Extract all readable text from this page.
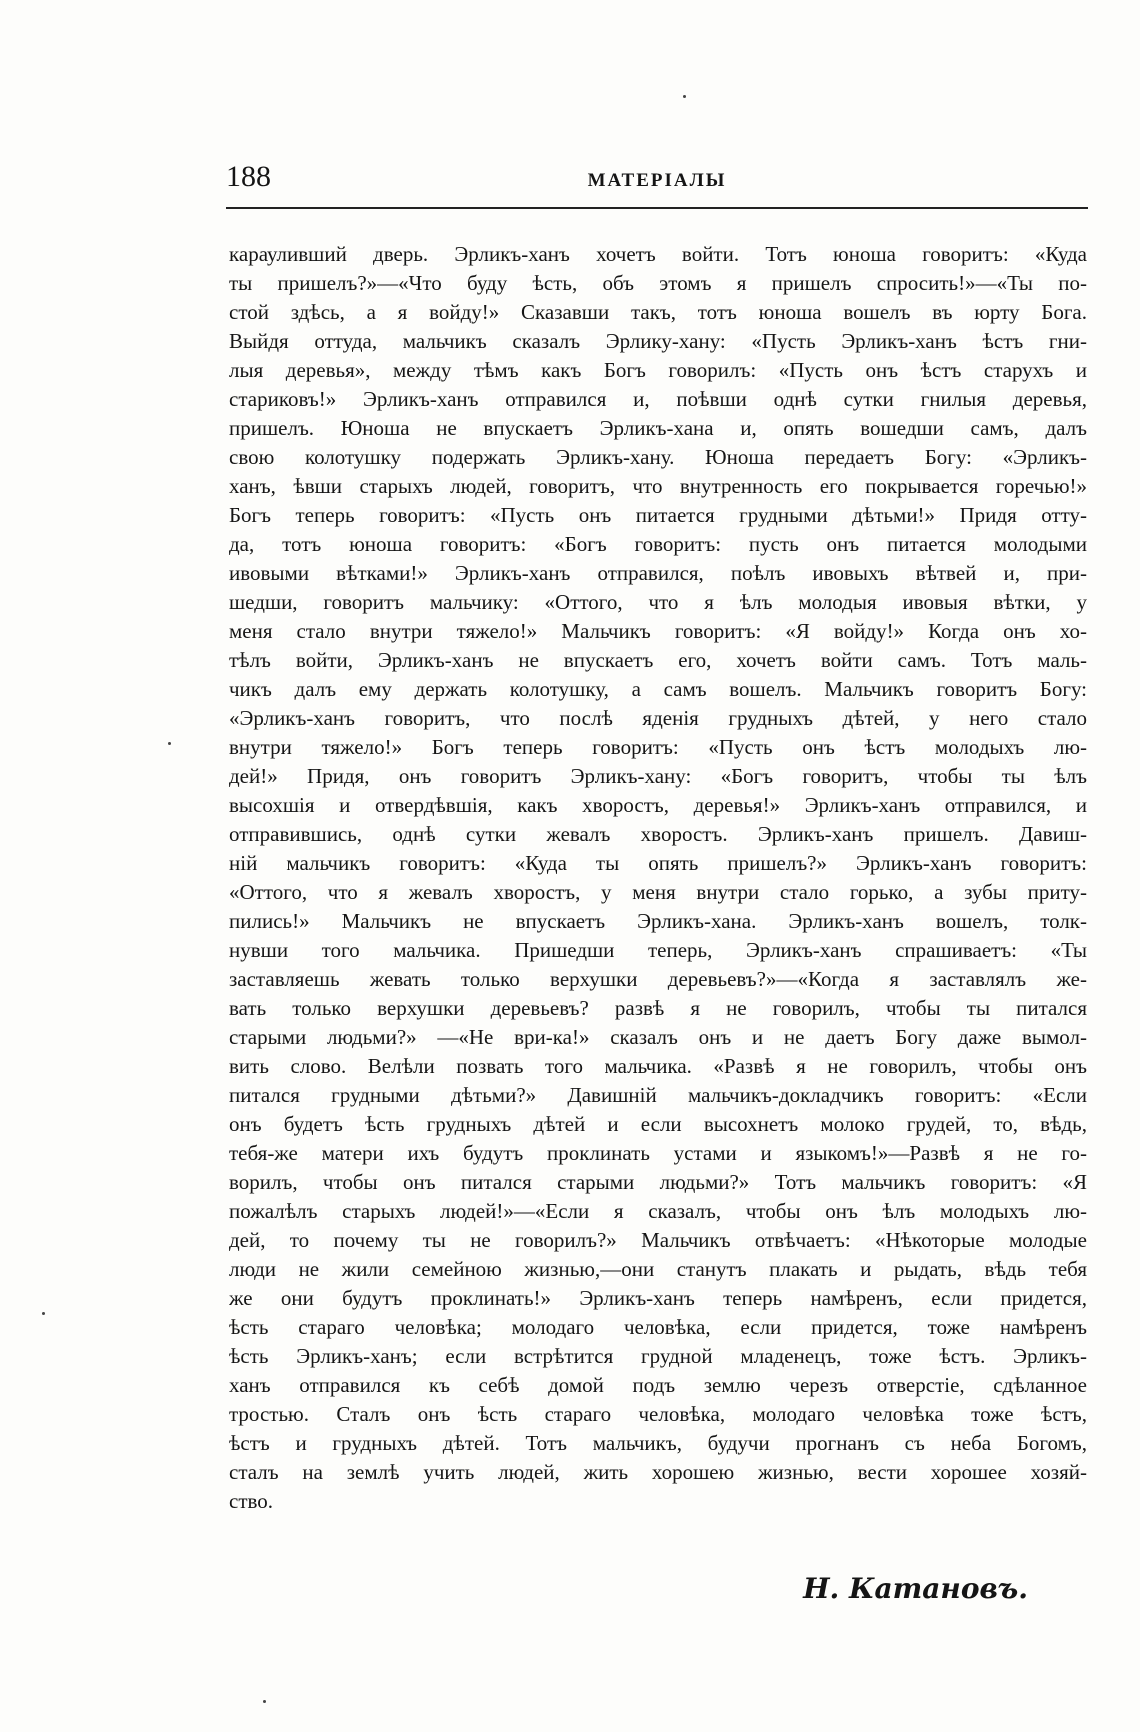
188	МАТЕРІАЛЫ
карауливший дверь. Эрликъ-ханъ хочетъ войти. Тотъ юноша говоритъ: «Куда
ты пришелъ?»—«Что буду ѣсть, объ этомъ я пришелъ спросить!»—«Ты по-
стой здѣсь, а я войду!» Сказавши такъ, тотъ юноша вошелъ въ юрту Бога.
Выйдя оттуда, мальчикъ сказалъ Эрлику-хану: «Пусть Эрликъ-ханъ ѣстъ гни-
лыя деревья», между тѣмъ какъ Богъ говорилъ: «Пусть онъ ѣстъ старухъ и
стариковъ!» Эрликъ-ханъ отправился и, поѣвши однѣ сутки гнилыя деревья,
пришелъ. Юноша не впускаетъ Эрликъ-хана и, опять вошедши самъ, далъ
свою колотушку подержать Эрликъ-хану. Юноша передаетъ Богу: «Эрликъ-
ханъ, ѣвши старыхъ людей, говоритъ, что внутренность его покрывается горечью!»
Богъ теперь говоритъ: «Пусть онъ питается грудными дѣтьми!» Придя отту-
да, тотъ юноша говоритъ: «Богъ говоритъ: пусть онъ питается молодыми
ивовыми вѣтками!» Эрликъ-ханъ отправился, поѣлъ ивовыхъ вѣтвей и, при-
шедши, говоритъ мальчику: «Оттого, что я ѣлъ молодыя ивовыя вѣтки, у
меня стало внутри тяжело!» Мальчикъ говоритъ: «Я войду!» Когда онъ хо-
тѣлъ войти, Эрликъ-ханъ не впускаетъ его, хочетъ войти самъ. Тотъ маль-
чикъ далъ ему держать колотушку, а самъ вошелъ. Мальчикъ говоритъ Богу:
«Эрликъ-ханъ говоритъ, что послѣ яденія грудныхъ дѣтей, у него стало
внутри тяжело!» Богъ теперь говоритъ: «Пусть онъ ѣстъ молодыхъ лю-
дей!» Придя, онъ говоритъ Эрликъ-хану: «Богъ говоритъ, чтобы ты ѣлъ
высохшія и отвердѣвшія, какъ хворостъ, деревья!» Эрликъ-ханъ отправился, и
отправившись, однѣ сутки жевалъ хворостъ. Эрликъ-ханъ пришелъ. Давиш-
ній мальчикъ говоритъ: «Куда ты опять пришелъ?» Эрликъ-ханъ говоритъ:
«Оттого, что я жевалъ хворостъ, у меня внутри стало горько, а зубы приту-
пились!» Мальчикъ не впускаетъ Эрликъ-хана. Эрликъ-ханъ вошелъ, толк-
нувши того мальчика. Пришедши теперь, Эрликъ-ханъ спрашиваетъ: «Ты
заставляешь жевать только верхушки деревьевъ?»—«Когда я заставлялъ же-
вать только верхушки деревьевъ? развѣ я не говорилъ, чтобы ты питался
старыми людьми?» —«Не ври-ка!» сказалъ онъ и не даетъ Богу даже вымол-
вить слово. Велѣли позвать того мальчика. «Развѣ я не говорилъ, чтобы онъ
питался грудными дѣтьми?» Давишній мальчикъ-докладчикъ говоритъ: «Если
онъ будетъ ѣсть грудныхъ дѣтей и если высохнетъ молоко грудей, то, вѣдь,
тебя-же матери ихъ будутъ проклинать устами и языкомъ!»—Развѣ я не го-
ворилъ, чтобы онъ питался старыми людьми?» Тотъ мальчикъ говоритъ: «Я
пожалѣлъ старыхъ людей!»—«Если я сказалъ, чтобы онъ ѣлъ молодыхъ лю-
дей, то почему ты не говорилъ?» Мальчикъ отвѣчаетъ: «Нѣкоторые молодые
люди не жили семейною жизнью,—они станутъ плакать и рыдать, вѣдь тебя
же они будутъ проклинать!» Эрликъ-ханъ теперь намѣренъ, если придется,
ѣсть стараго человѣка; молодаго человѣка, если придется, тоже намѣренъ
ѣсть Эрликъ-ханъ; если встрѣтится грудной младенецъ, тоже ѣстъ. Эрликъ-
ханъ отправился къ себѣ домой подъ землю черезъ отверстіе, сдѣланное
тростью. Сталъ онъ ѣсть стараго человѣка, молодаго человѣка тоже ѣстъ,
ѣстъ и грудныхъ дѣтей. Тотъ мальчикъ, будучи прогнанъ съ неба Богомъ,
сталъ на землѣ учить людей, жить хорошею жизнью, вести хорошее хозяй-
ство.
Н. Катановъ.
